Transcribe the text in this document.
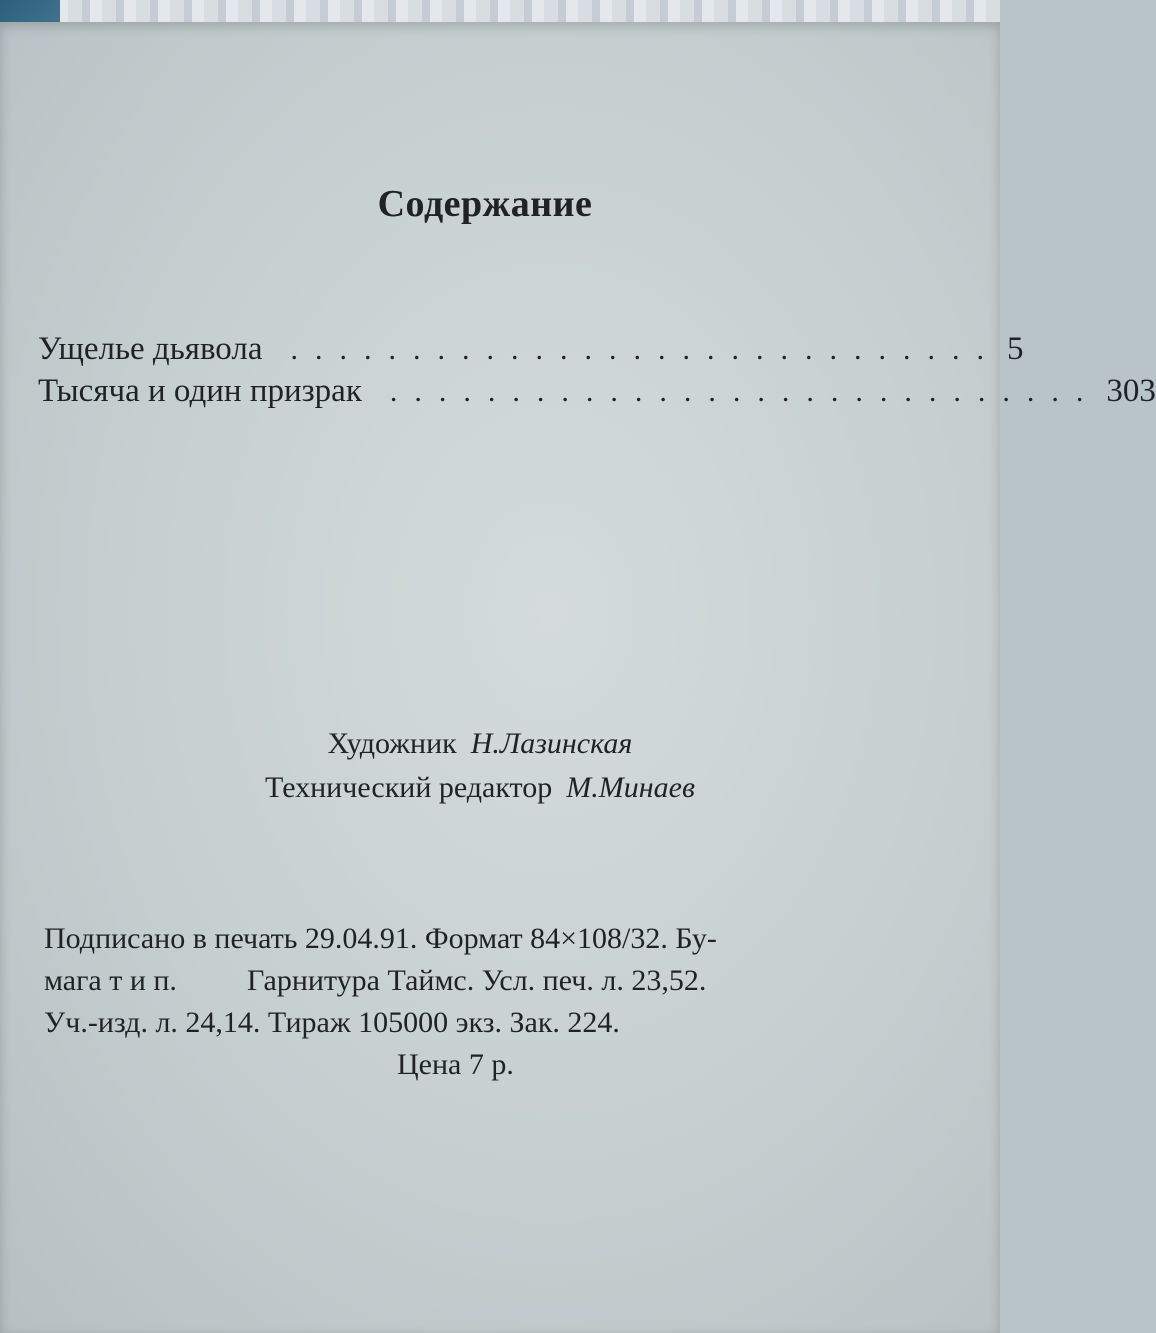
Содержание
Ущелье дьявола ............................. 5
Тысяча и один призрак ............................. 303
Художник Н.Лазинская
Технический редактор М.Минаев
Подписано в печать 29.04.91. Формат 84×108/32. Бу-
мага т и п. Гарнитура Таймс. Усл. печ. л. 23,52.
Уч.-изд. л. 24,14. Тираж 105000 экз. Зак. 224.
Цена 7 р.
